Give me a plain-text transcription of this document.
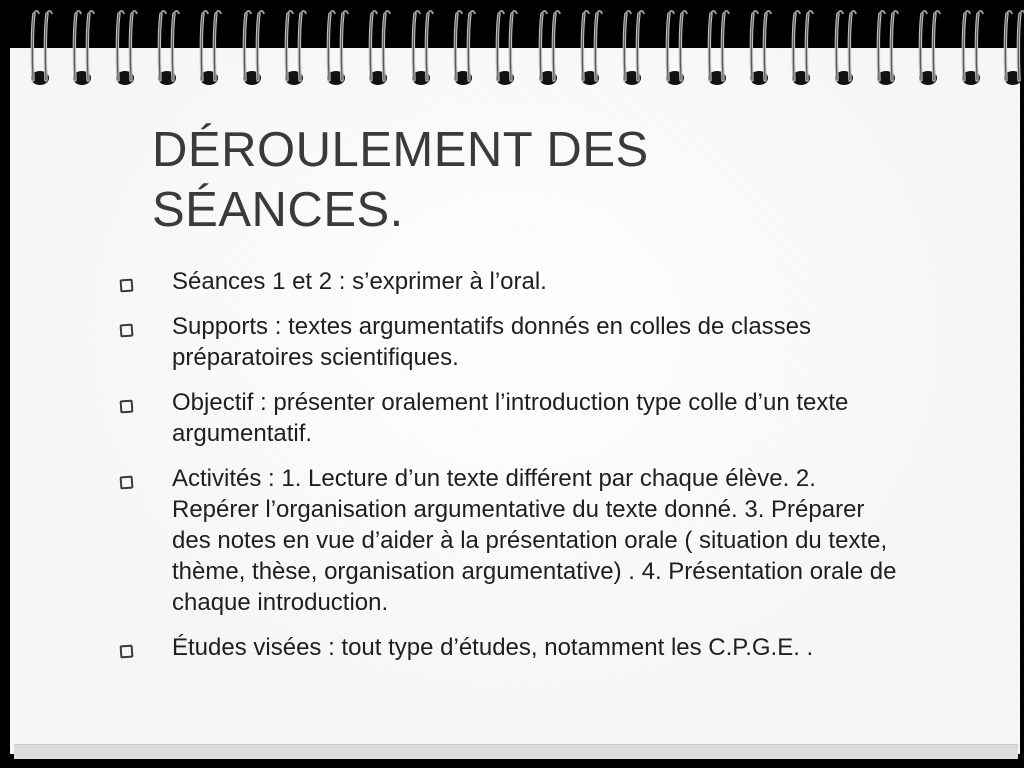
DÉROULEMENT DES
SÉANCES.
Séances 1 et 2 : s’exprimer à l’oral.
Supports : textes argumentatifs donnés en colles de classes préparatoires scientifiques.
Objectif : présenter oralement l’introduction type colle d’un texte argumentatif.
Activités : 1. Lecture d’un texte différent par chaque élève. 2. Repérer l’organisation argumentative du texte donné. 3. Préparer des notes en vue d’aider à la présentation orale ( situation du texte, thème, thèse, organisation argumentative) . 4. Présentation orale de chaque introduction.
Études visées : tout type d’études, notamment les C.P.G.E. .
